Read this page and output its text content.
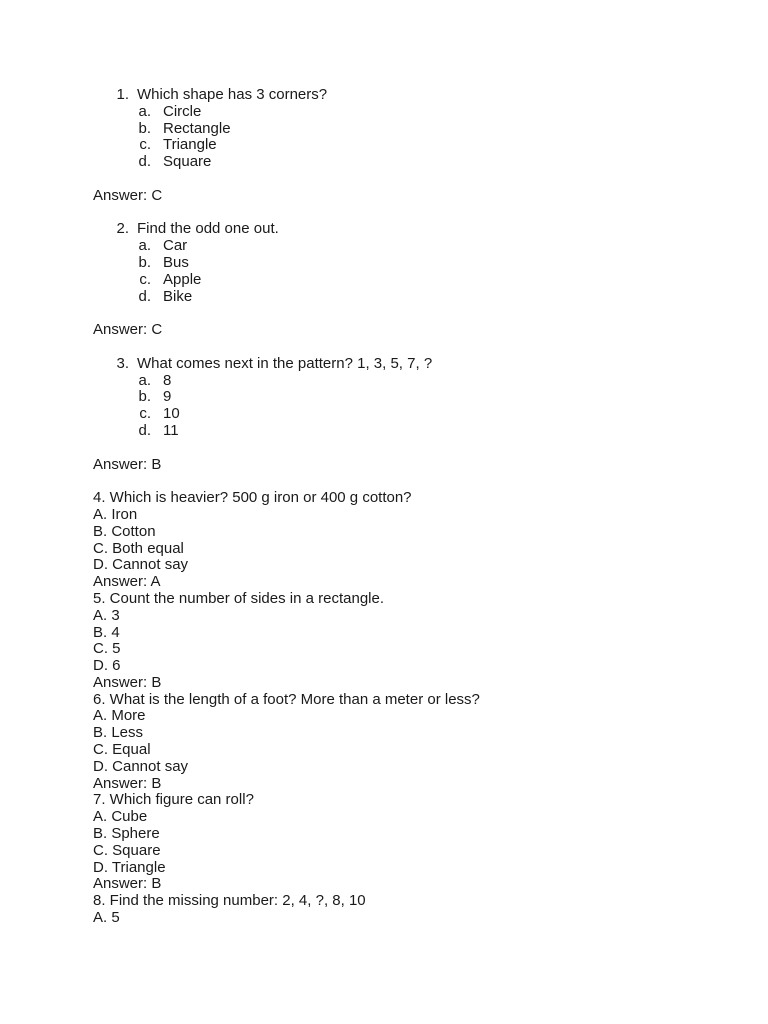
1. Which shape has 3 corners?
a. Circle
b. Rectangle
c. Triangle
d. Square
Answer: C
2. Find the odd one out.
a. Car
b. Bus
c. Apple
d. Bike
Answer: C
3. What comes next in the pattern? 1, 3, 5, 7, ?
a. 8
b. 9
c. 10
d. 11
Answer: B
4. Which is heavier? 500 g iron or 400 g cotton?
A. Iron
B. Cotton
C. Both equal
D. Cannot say
Answer: A
5. Count the number of sides in a rectangle.
A. 3
B. 4
C. 5
D. 6
Answer: B
6. What is the length of a foot? More than a meter or less?
A. More
B. Less
C. Equal
D. Cannot say
Answer: B
7. Which figure can roll?
A. Cube
B. Sphere
C. Square
D. Triangle
Answer: B
8. Find the missing number: 2, 4, ?, 8, 10
A. 5
